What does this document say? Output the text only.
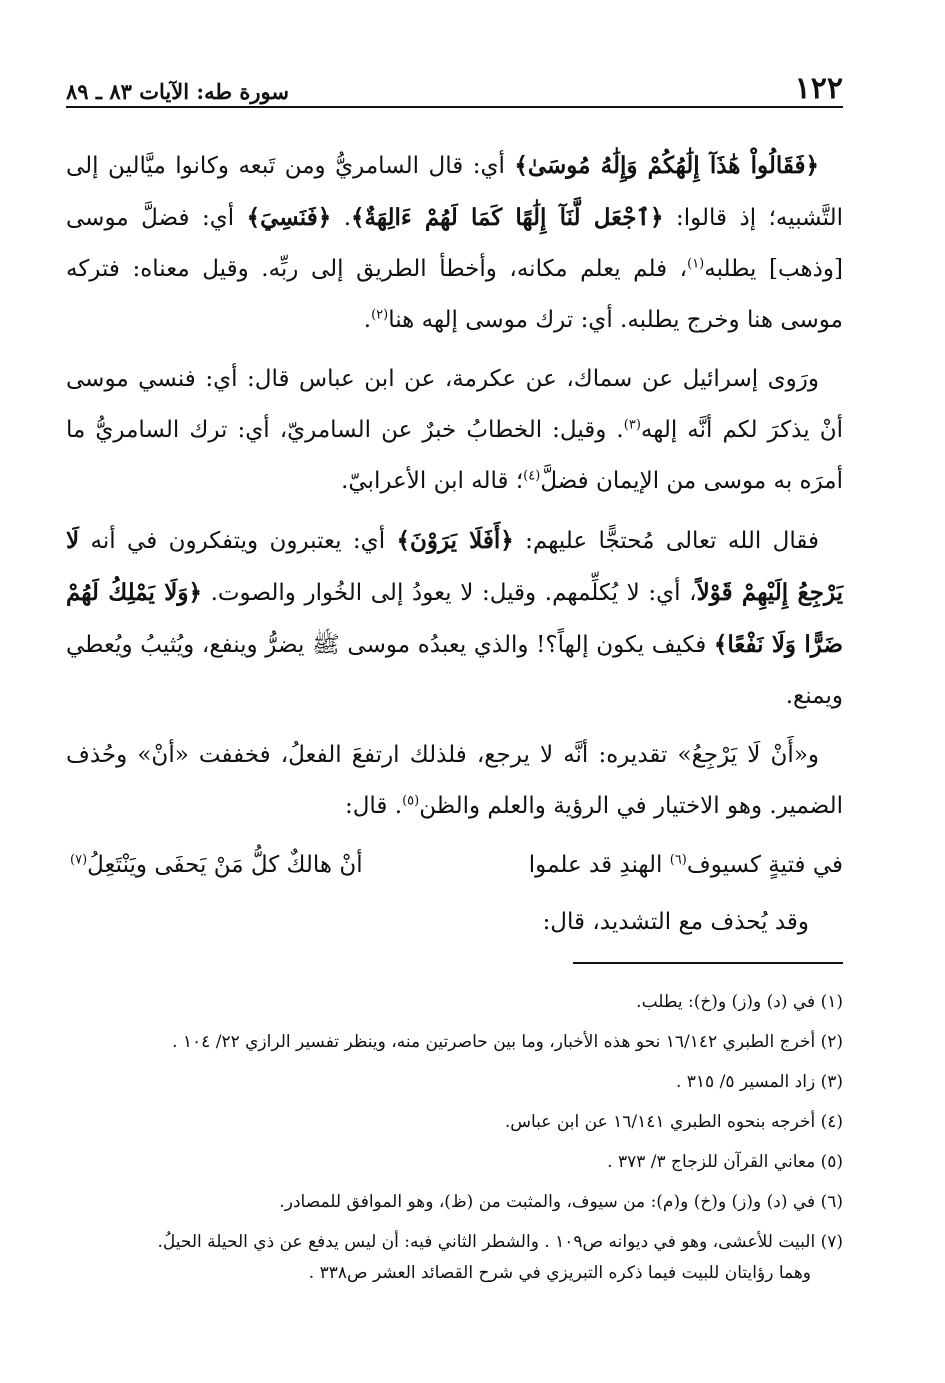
١٢٢
سورة طه: الآيات ٨٣ ـ ٨٩

﴿فَقَالُواْ هَٰذَآ إِلَٰهُكُمْ وَإِلَٰهُ مُوسَىٰ﴾ أي: قال السامريُّ ومن تَبعه وكانوا ميَّالين إلى التَّشبيه؛ إذ قالوا: ﴿ٱجْعَل لَّنَآ إِلَٰهًا كَمَا لَهُمْ ءَالِهَةٌ﴾. ﴿فَنَسِيَ﴾ أي: فضلَّ موسى [وذهب] يطلبه$^{(١)}$، فلم يعلم مكانه، وأخطأ الطريق إلى ربِّه. وقيل معناه: فتركه موسى هنا وخرج يطلبه. أي: ترك موسى إلهه هنا$^{(٢)}$.

ورَوى إسرائيل عن سماك، عن عكرمة، عن ابن عباس قال: أي: فنسي موسى أنْ يذكرَ لكم أنَّه إلهه$^{(٣)}$. وقيل: الخطابُ خبرٌ عن السامريّ، أي: ترك السامريُّ ما أمرَه به موسى من الإيمان فضلَّ$^{(٤)}$؛ قاله ابن الأعرابيّ.

فقال الله تعالى مُحتجًّا عليهم: ﴿أَفَلَا يَرَوْنَ﴾ أي: يعتبرون ويتفكرون في أنه لَا يَرْجِعُ إِلَيْهِمْ قَوْلاً، أي: لا يُكلِّمهم. وقيل: لا يعودُ إلى الخُوار والصوت. ﴿وَلَا يَمْلِكُ لَهُمْ ضَرًّا وَلَا نَفْعًا﴾ فكيف يكون إلهاً؟! والذي يعبدُه موسى ﷺ يضرُّ وينفع، ويُثيبُ ويُعطي ويمنع.

و«أَنْ لَا يَرْجِعُ» تقديره: أنَّه لا يرجع، فلذلك ارتفعَ الفعلُ، فخففت «أنْ» وحُذف الضمير. وهو الاختيار في الرؤية والعلم والظن$^{(٥)}$. قال:

في فتيةٍ كسيوف$^{(٦)}$ الهندِ قد علموا
أنْ هالكٌ كلُّ مَنْ يَحفَى ويَنْتَعِلُ$^{(٧)}$

وقد يُحذف مع التشديد، قال:

(١) في (د) و(ز) و(خ): يطلب.

(٢) أخرج الطبري ١٦/١٤٢ نحو هذه الأخبار، وما بين حاصرتين منه، وينظر تفسير الرازي ٢٢/ ١٠٤ .

(٣) زاد المسير ٥/ ٣١٥ .

(٤) أخرجه بنحوه الطبري ١٦/١٤١ عن ابن عباس.

(٥) معاني القرآن للزجاج ٣/ ٣٧٣ .

(٦) في (د) و(ز) و(خ) و(م): من سيوف، والمثبت من (ظ)، وهو الموافق للمصادر.

(٧) البيت للأعشى، وهو في ديوانه ص١٠٩ . والشطر الثاني فيه: أن ليس يدفع عن ذي الحيلة الحيلُ.

وهما رؤايتان للبيت فيما ذكره التبريزي في شرح القصائد العشر ص٣٣٨ .
